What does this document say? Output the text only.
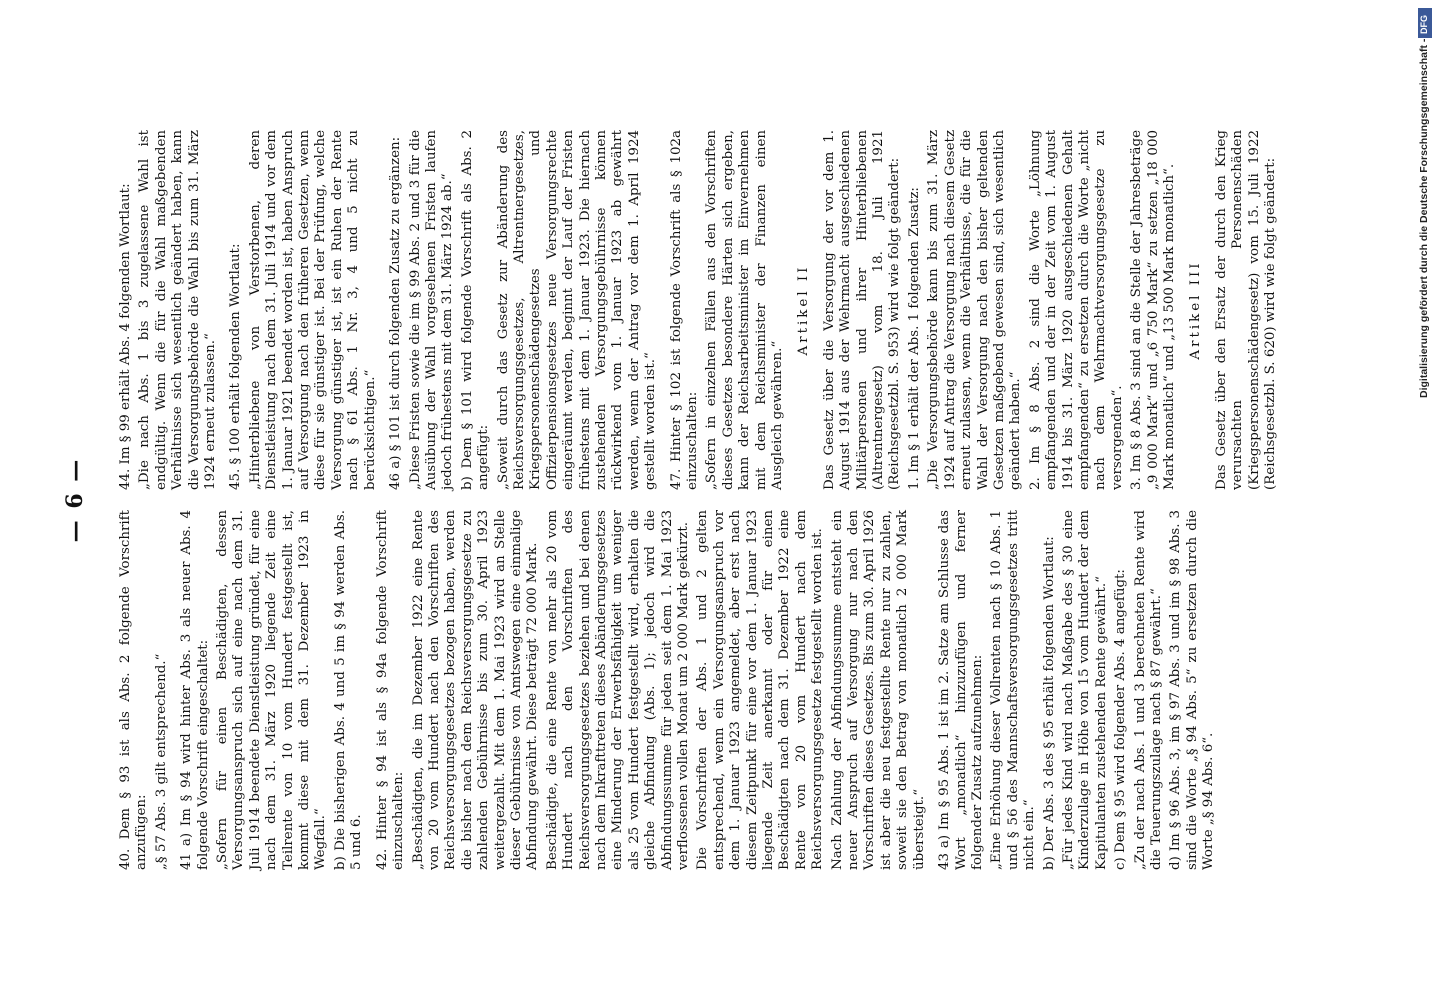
— 6 —

40. Dem § 93 ist als Abs. 2 folgende Vorschrift anzufügen: „§ 57 Abs. 3 gilt entsprechend.“ 41 a) Im § 94 wird hinter Abs. 3 als neuer Abs. 4 folgende Vorschrift eingeschaltet: „Sofern für einen Beschädigten, dessen Versorgungsanspruch sich auf eine nach dem 31. Juli 1914 beendete Dienstleistung gründet, für eine nach dem 31. März 1920 liegende Zeit eine Teilrente von 10 vom Hundert festgestellt ist, kommt diese mit dem 31. Dezember 1923 in Wegfall.“ b) Die bisherigen Abs. 4 und 5 im § 94 werden Abs. 5 und 6. 42. Hinter § 94 ist als § 94a folgende Vorschrift einzuschalten: „Beschädigten, die im Dezember 1922 eine Rente von 20 vom Hundert nach den Vorschriften des Reichsversorgungsgesetzes bezogen haben, werden die bisher nach dem Reichsversorgungsgesetze zu zahlenden Gebührnisse bis zum 30. April 1923 weitergezahlt. Mit dem 1. Mai 1923 wird an Stelle dieser Gebührnisse von Amtswegen eine einmalige Abfindung gewährt. Diese beträgt 72 000 Mark. Beschädigte, die eine Rente von mehr als 20 vom Hundert nach den Vorschriften des Reichsversorgungsgesetzes beziehen und bei denen nach dem Inkrafttreten dieses Abänderungsgesetzes eine Minderung der Erwerbsfähigkeit um weniger als 25 vom Hundert festgestellt wird, erhalten die gleiche Abfindung (Abs. 1); jedoch wird die Abfindungssumme für jeden seit dem 1. Mai 1923 verflossenen vollen Monat um 2 000 Mark gekürzt. Die Vorschriften der Abs. 1 und 2 gelten entsprechend, wenn ein Versorgungsanspruch vor dem 1. Januar 1923 angemeldet, aber erst nach diesem Zeitpunkt für eine vor dem 1. Januar 1923 liegende Zeit anerkannt oder für einen Beschädigten nach dem 31. Dezember 1922 eine Rente von 20 vom Hundert nach dem Reichsversorgungsgesetze festgestellt worden ist. Nach Zahlung der Abfindungssumme entsteht ein neuer Anspruch auf Versorgung nur nach den Vorschriften dieses Gesetzes. Bis zum 30. April 1926 ist aber die neu festgestellte Rente nur zu zahlen, soweit sie den Betrag von monatlich 2 000 Mark übersteigt.“ 43 a) Im § 95 Abs. 1 ist im 2. Satze am Schlusse das Wort „monatlich“ hinzuzufügen und ferner folgender Zusatz aufzunehmen: „Eine Erhöhung dieser Vollrenten nach § 10 Abs. 1 und § 56 des Mannschaftsversorgungsgesetzes tritt nicht ein.“ b) Der Abs. 3 des § 95 erhält folgenden Wortlaut: „Für jedes Kind wird nach Maßgabe des § 30 eine Kinderzulage in Höhe von 15 vom Hundert der dem Kapitulanten zustehenden Rente gewährt.“ c) Dem § 95 wird folgender Abs. 4 angefügt: „Zu der nach Abs. 1 und 3 berechneten Rente wird die Teuerungszulage nach § 87 gewährt.“ d) Im § 96 Abs. 3, im § 97 Abs. 3 und im § 98 Abs. 3 sind die Worte „§ 94 Abs. 5“ zu ersetzen durch die Worte „§ 94 Abs. 6“.

44. Im § 99 erhält Abs. 4 folgenden Wortlaut: „Die nach Abs. 1 bis 3 zugelassene Wahl ist endgültig. Wenn die für die Wahl maßgebenden Verhältnisse sich wesentlich geändert haben, kann die Versorgungsbehörde die Wahl bis zum 31. März 1924 erneut zulassen.“ 45. § 100 erhält folgenden Wortlaut: „Hinterbliebene von Verstorbenen, deren Dienstleistung nach dem 31. Juli 1914 und vor dem 1. Januar 1921 beendet worden ist, haben Anspruch auf Versorgung nach den früheren Gesetzen, wenn diese für sie günstiger ist. Bei der Prüfung, welche Versorgung günstiger ist, ist ein Ruhen der Rente nach § 61 Abs. 1 Nr. 3, 4 und 5 nicht zu berücksichtigen.“ 46 a) § 101 ist durch folgenden Zusatz zu ergänzen: „Diese Fristen sowie die im § 99 Abs. 2 und 3 für die Ausübung der Wahl vorgesehenen Fristen laufen jedoch frühestens mit dem 31. März 1924 ab.“ b) Dem § 101 wird folgende Vorschrift als Abs. 2 angefügt: „Soweit durch das Gesetz zur Abänderung des Reichsversorgungsgesetzes, Altrentnergesetzes, Kriegspersonenschädengesetzes und Offizierpensionsgesetzes neue Versorgungsrechte eingeräumt werden, beginnt der Lauf der Fristen frühestens mit dem 1. Januar 1923. Die hiernach zustehenden Versorgungsgebührnisse können rückwirkend vom 1. Januar 1923 ab gewährt werden, wenn der Antrag vor dem 1. April 1924 gestellt worden ist.“ 47. Hinter § 102 ist folgende Vorschrift als § 102a einzuschalten: „Sofern in einzelnen Fällen aus den Vorschriften dieses Gesetzes besondere Härten sich ergeben, kann der Reichsarbeitsminister im Einvernehmen mit dem Reichsminister der Finanzen einen Ausgleich gewähren.“

Artikel II Das Gesetz über die Versorgung der vor dem 1. August 1914 aus der Wehrmacht ausgeschiedenen Militärpersonen und ihrer Hinterbliebenen (Altrentnergesetz) vom 18. Juli 1921 (Reichsgesetzbl. S. 953) wird wie folgt geändert: 1. Im § 1 erhält der Abs. 1 folgenden Zusatz: „Die Versorgungsbehörde kann bis zum 31. März 1924 auf Antrag die Versorgung nach diesem Gesetz erneut zulassen, wenn die Verhältnisse, die für die Wahl der Versorgung nach den bisher geltenden Gesetzen maßgebend gewesen sind, sich wesentlich geändert haben.“ 2. Im § 8 Abs. 2 sind die Worte „Löhnung empfangenden und der in der Zeit vom 1. August 1914 bis 31. März 1920 ausgeschiedenen Gehalt empfangenden“ zu ersetzen durch die Worte „nicht nach dem Wehrmachtversorgungsgesetze zu versorgenden“. 3. Im § 8 Abs. 3 sind an die Stelle der Jahresbeträge „9 000 Mark“ und „6 750 Mark“ zu setzen „18 000 Mark monatlich“ und „13 500 Mark monatlich“. Artikel III Das Gesetz über den Ersatz der durch den Krieg verursachten Personenschäden (Kriegspersonenschädengesetz) vom 15. Juli 1922 (Reichsgesetzbl. S. 620) wird wie folgt geändert:	Digitalisierung gefördert durch die Deutsche Forschungsgemeinschaft -
DFG
